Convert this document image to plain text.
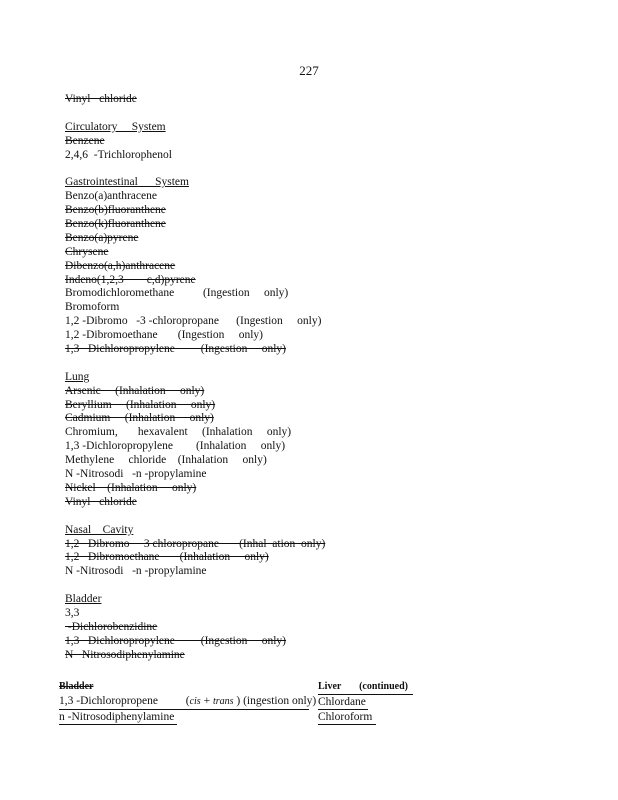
227
Vinyl   chloride
Circulatory     System
Benzene
2,4,6  -Trichlorophenol
Gastrointestinal      System
Benzo(a)anthracene
Benzo(b)fluoranthene
Benzo(k)fluoranthene
Benzo(a)pyrene
Chrysene
Dibenzo(a,h)anthracene
Indeno(1,2,3        c,d)pyrene
Bromodichloromethane          (Ingestion     only)
Bromoform
1,2 -Dibromo   -3 -chloropropane      (Ingestion     only)
1,2 -Dibromoethane       (Ingestion     only)
1,3   Dichloropropylene         (Ingestion     only)
Lung
Arsenic     (Inhalation     only)
Beryllium     (Inhalation     only)
Cadmium     (Inhalation     only)
Chromium,       hexavalent     (Inhalation     only)
1,3 -Dichloropropylene        (Inhalation     only)
Methylene     chloride    (Inhalation     only)
N -Nitrosodi   -n -propylamine
Nickel    (Inhalation     only)
Vinyl   chloride
Nasal    Cavity
1,2   Dibromo     3 chloropropane       (Inhal  ation  only)
1,2   Dibromoethane       (Inhalation     only)
N -Nitrosodi   -n -propylamine
Bladder
3,3
-Dichlorobenzidine
1,3   Dichloropropylene         (Ingestion     only)
N   Nitrosodiphenylamine
Bladder
1,3 -Dichloropropene (cis + trans ) (ingestion only)
n -Nitrosodiphenylamine
Liver (continued)
Chlordane
Chloroform
